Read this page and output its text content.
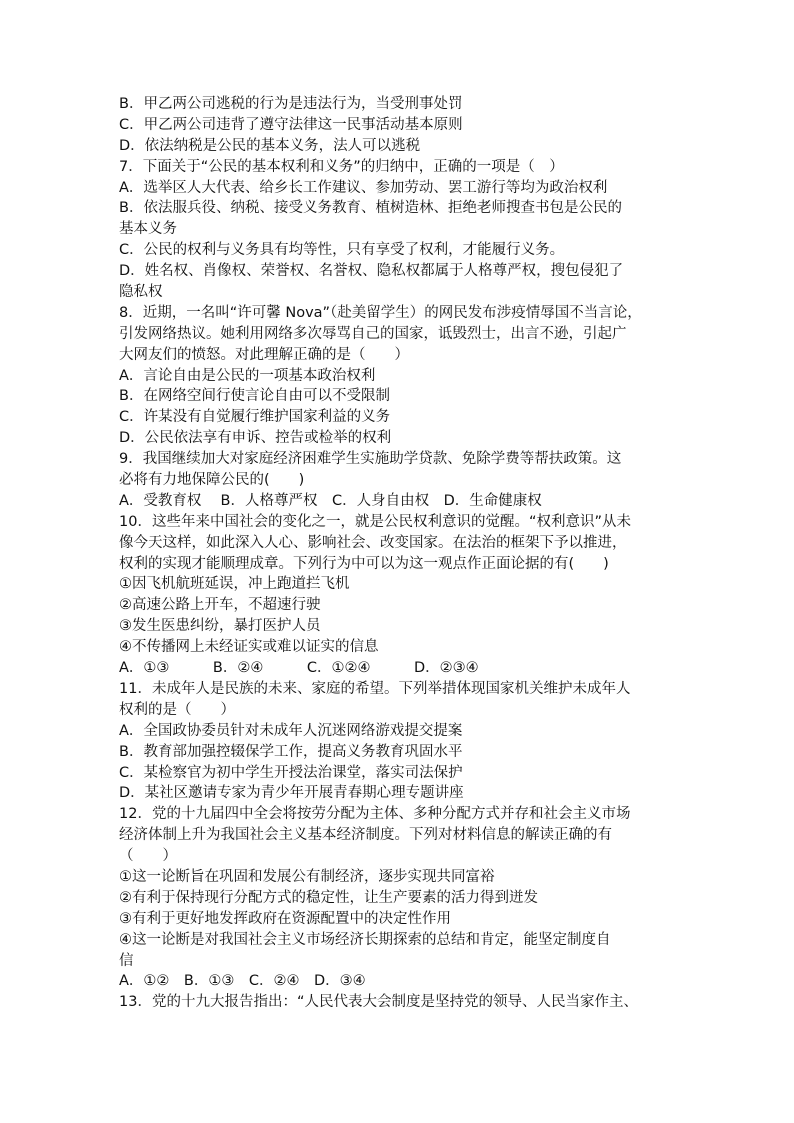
B．甲乙两公司逃税的行为是违法行为，当受刑事处罚
C．甲乙两公司违背了遵守法律这一民事活动基本原则
D．依法纳税是公民的基本义务，法人可以逃税
7．下面关于“公民的基本权利和义务”的归纳中，正确的一项是（　）
A．选举区人大代表、给乡长工作建议、参加劳动、罢工游行等均为政治权利
B．依法服兵役、纳税、接受义务教育、植树造林、拒绝老师搜查书包是公民的
基本义务
C．公民的权利与义务具有均等性，只有享受了权利，才能履行义务。
D．姓名权、肖像权、荣誉权、名誉权、隐私权都属于人格尊严权，搜包侵犯了
隐私权
8．近期，一名叫“许可馨 Nova”（赴美留学生）的网民发布涉疫情辱国不当言论，
引发网络热议。她利用网络多次辱骂自己的国家，诋毁烈士，出言不逊，引起广
大网友们的愤怒。对此理解正确的是（　　）
A．言论自由是公民的一项基本政治权利
B．在网络空间行使言论自由可以不受限制
C．许某没有自觉履行维护国家利益的义务
D．公民依法享有申诉、控告或检举的权利
9．我国继续加大对家庭经济困难学生实施助学贷款、免除学费等帮扶政策。这
必将有力地保障公民的(　　)
A．受教育权　 B．人格尊严权　C．人身自由权　D．生命健康权
10．这些年来中国社会的变化之一，就是公民权利意识的觉醒。“权利意识”从未
像今天这样，如此深入人心、影响社会、改变国家。在法治的框架下予以推进，
权利的实现才能顺理成章。下列行为中可以为这一观点作正面论据的有(　　)
①因飞机航班延误，冲上跑道拦飞机
②高速公路上开车，不超速行驶
③发生医患纠纷，暴打医护人员
④不传播网上未经证实或难以证实的信息
A．①③　　　B．②④　　　C．①②④　　　D．②③④
11．未成年人是民族的未来、家庭的希望。下列举措体现国家机关维护未成年人
权利的是（　　）
A．全国政协委员针对未成年人沉迷网络游戏提交提案
B．教育部加强控辍保学工作，提高义务教育巩固水平
C．某检察官为初中学生开授法治课堂，落实司法保护
D．某社区邀请专家为青少年开展青春期心理专题讲座
12．党的十九届四中全会将按劳分配为主体、多种分配方式并存和社会主义市场
经济体制上升为我国社会主义基本经济制度。下列对材料信息的解读正确的有
（　　）
①这一论断旨在巩固和发展公有制经济，逐步实现共同富裕
②有利于保持现行分配方式的稳定性，让生产要素的活力得到迸发
③有利于更好地发挥政府在资源配置中的决定性作用
④这一论断是对我国社会主义市场经济长期探索的总结和肯定，能坚定制度自
信
A．①②　B．①③　C．②④　D．③④
13．党的十九大报告指出：“人民代表大会制度是坚持党的领导、人民当家作主、
